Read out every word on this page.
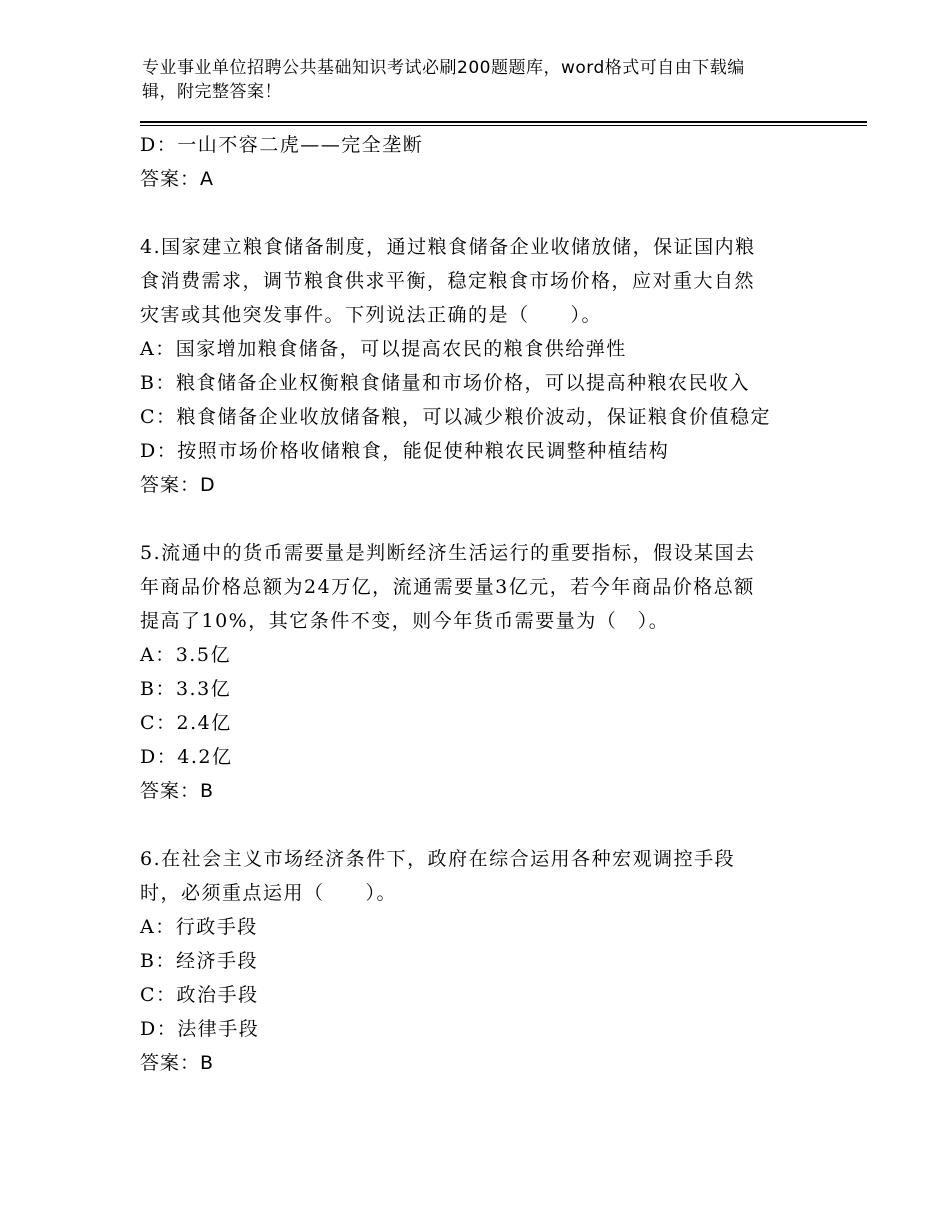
专业事业单位招聘公共基础知识考试必刷200题题库，word格式可自由下载编
辑，附完整答案！
D：一山不容二虎——完全垄断
答案：A
4.国家建立粮食储备制度，通过粮食储备企业收储放储，保证国内粮
食消费需求，调节粮食供求平衡，稳定粮食市场价格，应对重大自然
灾害或其他突发事件。下列说法正确的是（　　）。
A：国家增加粮食储备，可以提高农民的粮食供给弹性
B：粮食储备企业权衡粮食储量和市场价格，可以提高种粮农民收入
C：粮食储备企业收放储备粮，可以减少粮价波动，保证粮食价值稳定
D：按照市场价格收储粮食，能促使种粮农民调整种植结构
答案：D
5.流通中的货币需要量是判断经济生活运行的重要指标，假设某国去
年商品价格总额为24万亿，流通需要量3亿元，若今年商品价格总额
提高了10%，其它条件不变，则今年货币需要量为（　）。
A：3.5亿
B：3.3亿
C：2.4亿
D：4.2亿
答案：B
6.在社会主义市场经济条件下，政府在综合运用各种宏观调控手段
时，必须重点运用（　　）。
A：行政手段
B：经济手段
C：政治手段
D：法律手段
答案：B
